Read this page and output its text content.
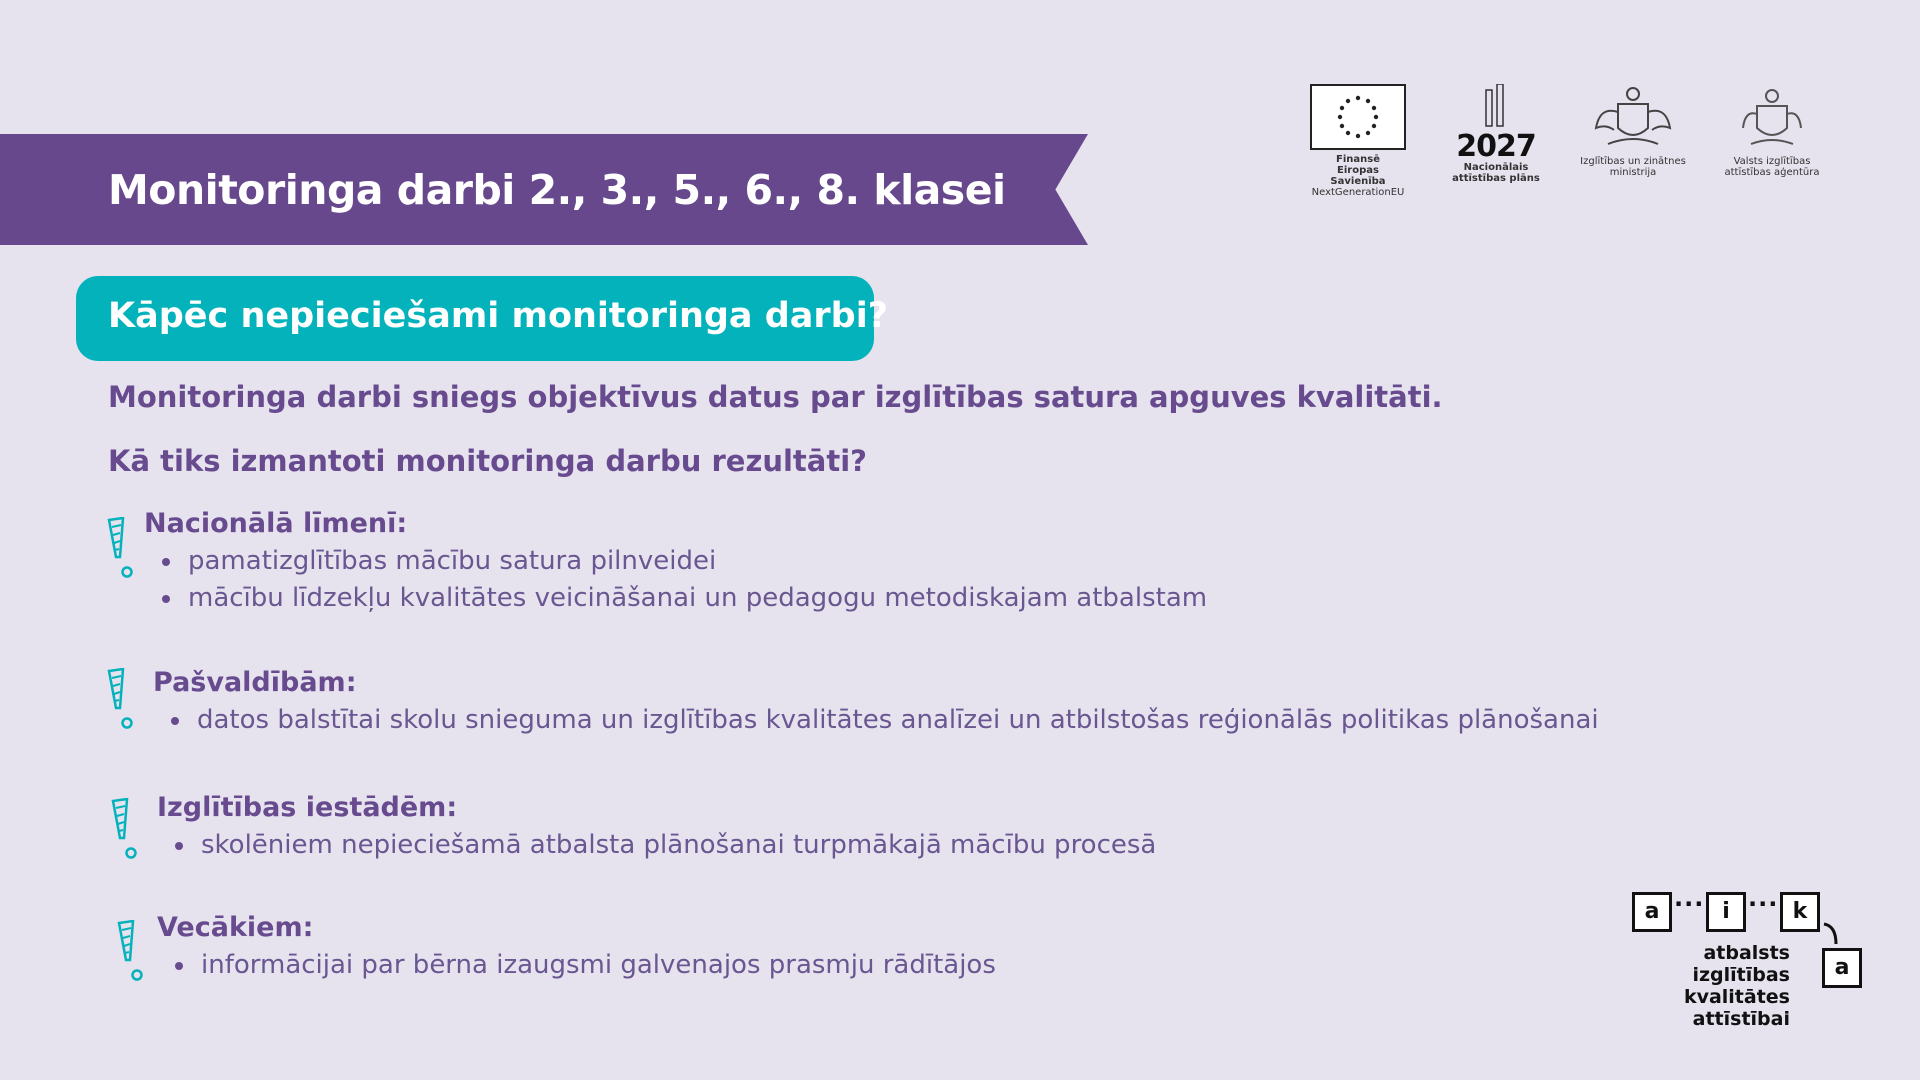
Monitoringa darbi 2., 3., 5., 6., 8. klasei
Finansē
Eiropas Savienība
NextGenerationEU
2027
Nacionālais
attīstības plāns
Izglītības un zinātnes
ministrija
Valsts izglītības
attīstības aģentūra
Kāpēc nepieciešami monitoringa darbi?

Monitoringa darbi sniegs objektīvus datus par izglītības satura apguves kvalitāti.

Kā tiks izmantoti monitoringa darbu rezultāti?

Nacionālā līmenī:

pamatizglītības mācību satura pilnveidei
mācību līdzekļu kvalitātes veicināšanai un pedagogu metodiskajam atbalstam

Pašvaldībām:

datos balstītai skolu snieguma un izglītības kvalitātes analīzei un atbilstošas reģionālās politikas plānošanai

Izglītības iestādēm:

skolēniem nepieciešamā atbalsta plānošanai turpmākajā mācību procesā

Vecākiem:

informācijai par bērna izaugsmi galvenajos prasmju rādītājos
a ··· i ··· k
a
atbalsts
izglītības
kvalitātes
attīstībai
